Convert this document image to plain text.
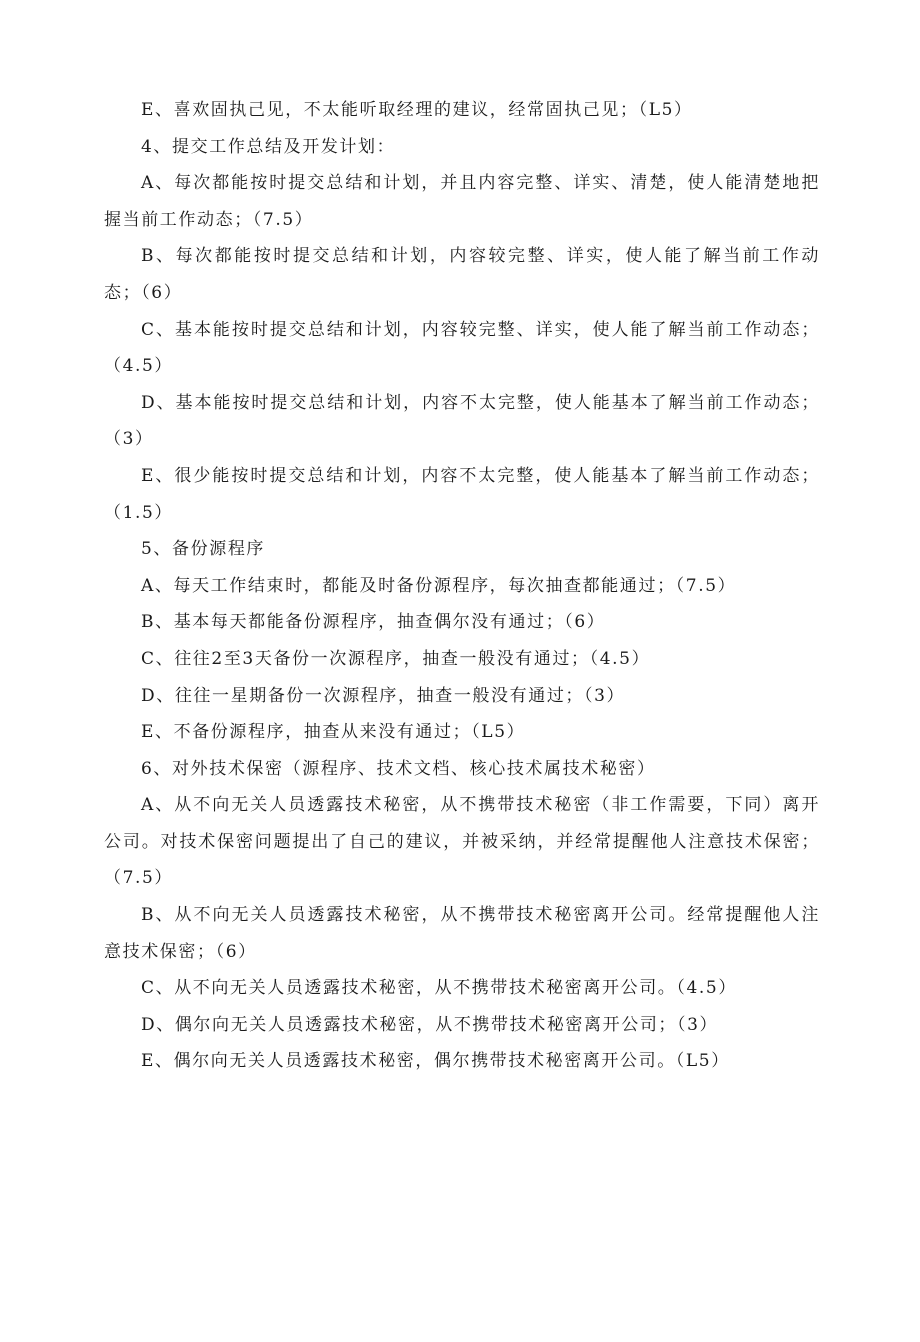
E、喜欢固执己见，不太能听取经理的建议，经常固执己见；（L5）

4、提交工作总结及开发计划：

A、每次都能按时提交总结和计划，并且内容完整、详实、清楚，使人能清楚地把握当前工作动态；（7.5）

B、每次都能按时提交总结和计划，内容较完整、详实，使人能了解当前工作动态；（6）

C、基本能按时提交总结和计划，内容较完整、详实，使人能了解当前工作动态；（4.5）

D、基本能按时提交总结和计划，内容不太完整，使人能基本了解当前工作动态；（3）

E、很少能按时提交总结和计划，内容不太完整，使人能基本了解当前工作动态；（1.5）

5、备份源程序

A、每天工作结束时，都能及时备份源程序，每次抽查都能通过；（7.5）

B、基本每天都能备份源程序，抽查偶尔没有通过；（6）

C、往往2至3天备份一次源程序，抽查一般没有通过；（4.5）

D、往往一星期备份一次源程序，抽查一般没有通过；（3）

E、不备份源程序，抽查从来没有通过；（L5）

6、对外技术保密（源程序、技术文档、核心技术属技术秘密）

A、从不向无关人员透露技术秘密，从不携带技术秘密（非工作需要，下同）离开公司。对技术保密问题提出了自己的建议，并被采纳，并经常提醒他人注意技术保密；（7.5）

B、从不向无关人员透露技术秘密，从不携带技术秘密离开公司。经常提醒他人注意技术保密；（6）

C、从不向无关人员透露技术秘密，从不携带技术秘密离开公司。（4.5）

D、偶尔向无关人员透露技术秘密，从不携带技术秘密离开公司；（3）

E、偶尔向无关人员透露技术秘密，偶尔携带技术秘密离开公司。（L5）
